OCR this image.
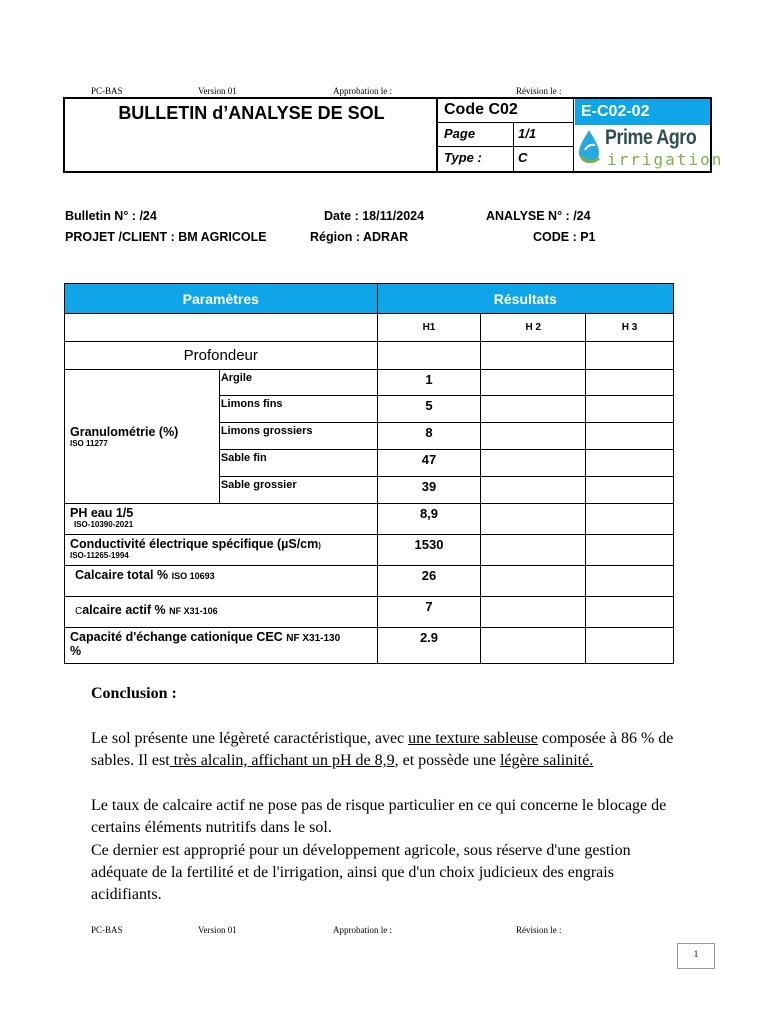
PC-BAS	Version 01	Approbation le :	Révision le :
BULLETIN d’ANALYSE DE SOL	Code C02
Page	1/1
Type :	C
E-C02-02
Prime Agro
irrigation
Bulletin N° : /24	Date : 18/11/2024	ANALYSE N° : /24
PROJET /CLIENT : BM AGRICOLE	Région : ADRAR	CODE : P1
Paramètres		Résultats		
		H1	H 2	H 3
Profondeur				

Granulométrie (%)
ISO 11277	Argile	1		
	Limons fins	5		
	Limons grossiers	8		
	Sable fin	47		
	Sable grossier	39		

PH eau 1/5
ISO-10390-2021		8,9		

Conductivité électrique spécifique (µS/cm)
ISO-11265-1994		1530		
Calcaire total % ISO 10693		26		
Calcaire actif % NF X31-106		7		

Capacité d'échange cationique CEC NF X31-130
%		2.9		
Conclusion :
Le sol présente une légèreté caractéristique, avec une texture sableuse composée à 86 % de sables. Il est très alcalin, affichant un pH de 8,9, et possède une légère salinité.
Le taux de calcaire actif ne pose pas de risque particulier en ce qui concerne le blocage de certains éléments nutritifs dans le sol.
Ce dernier est approprié pour un développement agricole, sous réserve d'une gestion adéquate de la fertilité et de l'irrigation, ainsi que d'un choix judicieux des engrais acidifiants.
PC-BAS	Version 01	Approbation le :	Révision le :
1
